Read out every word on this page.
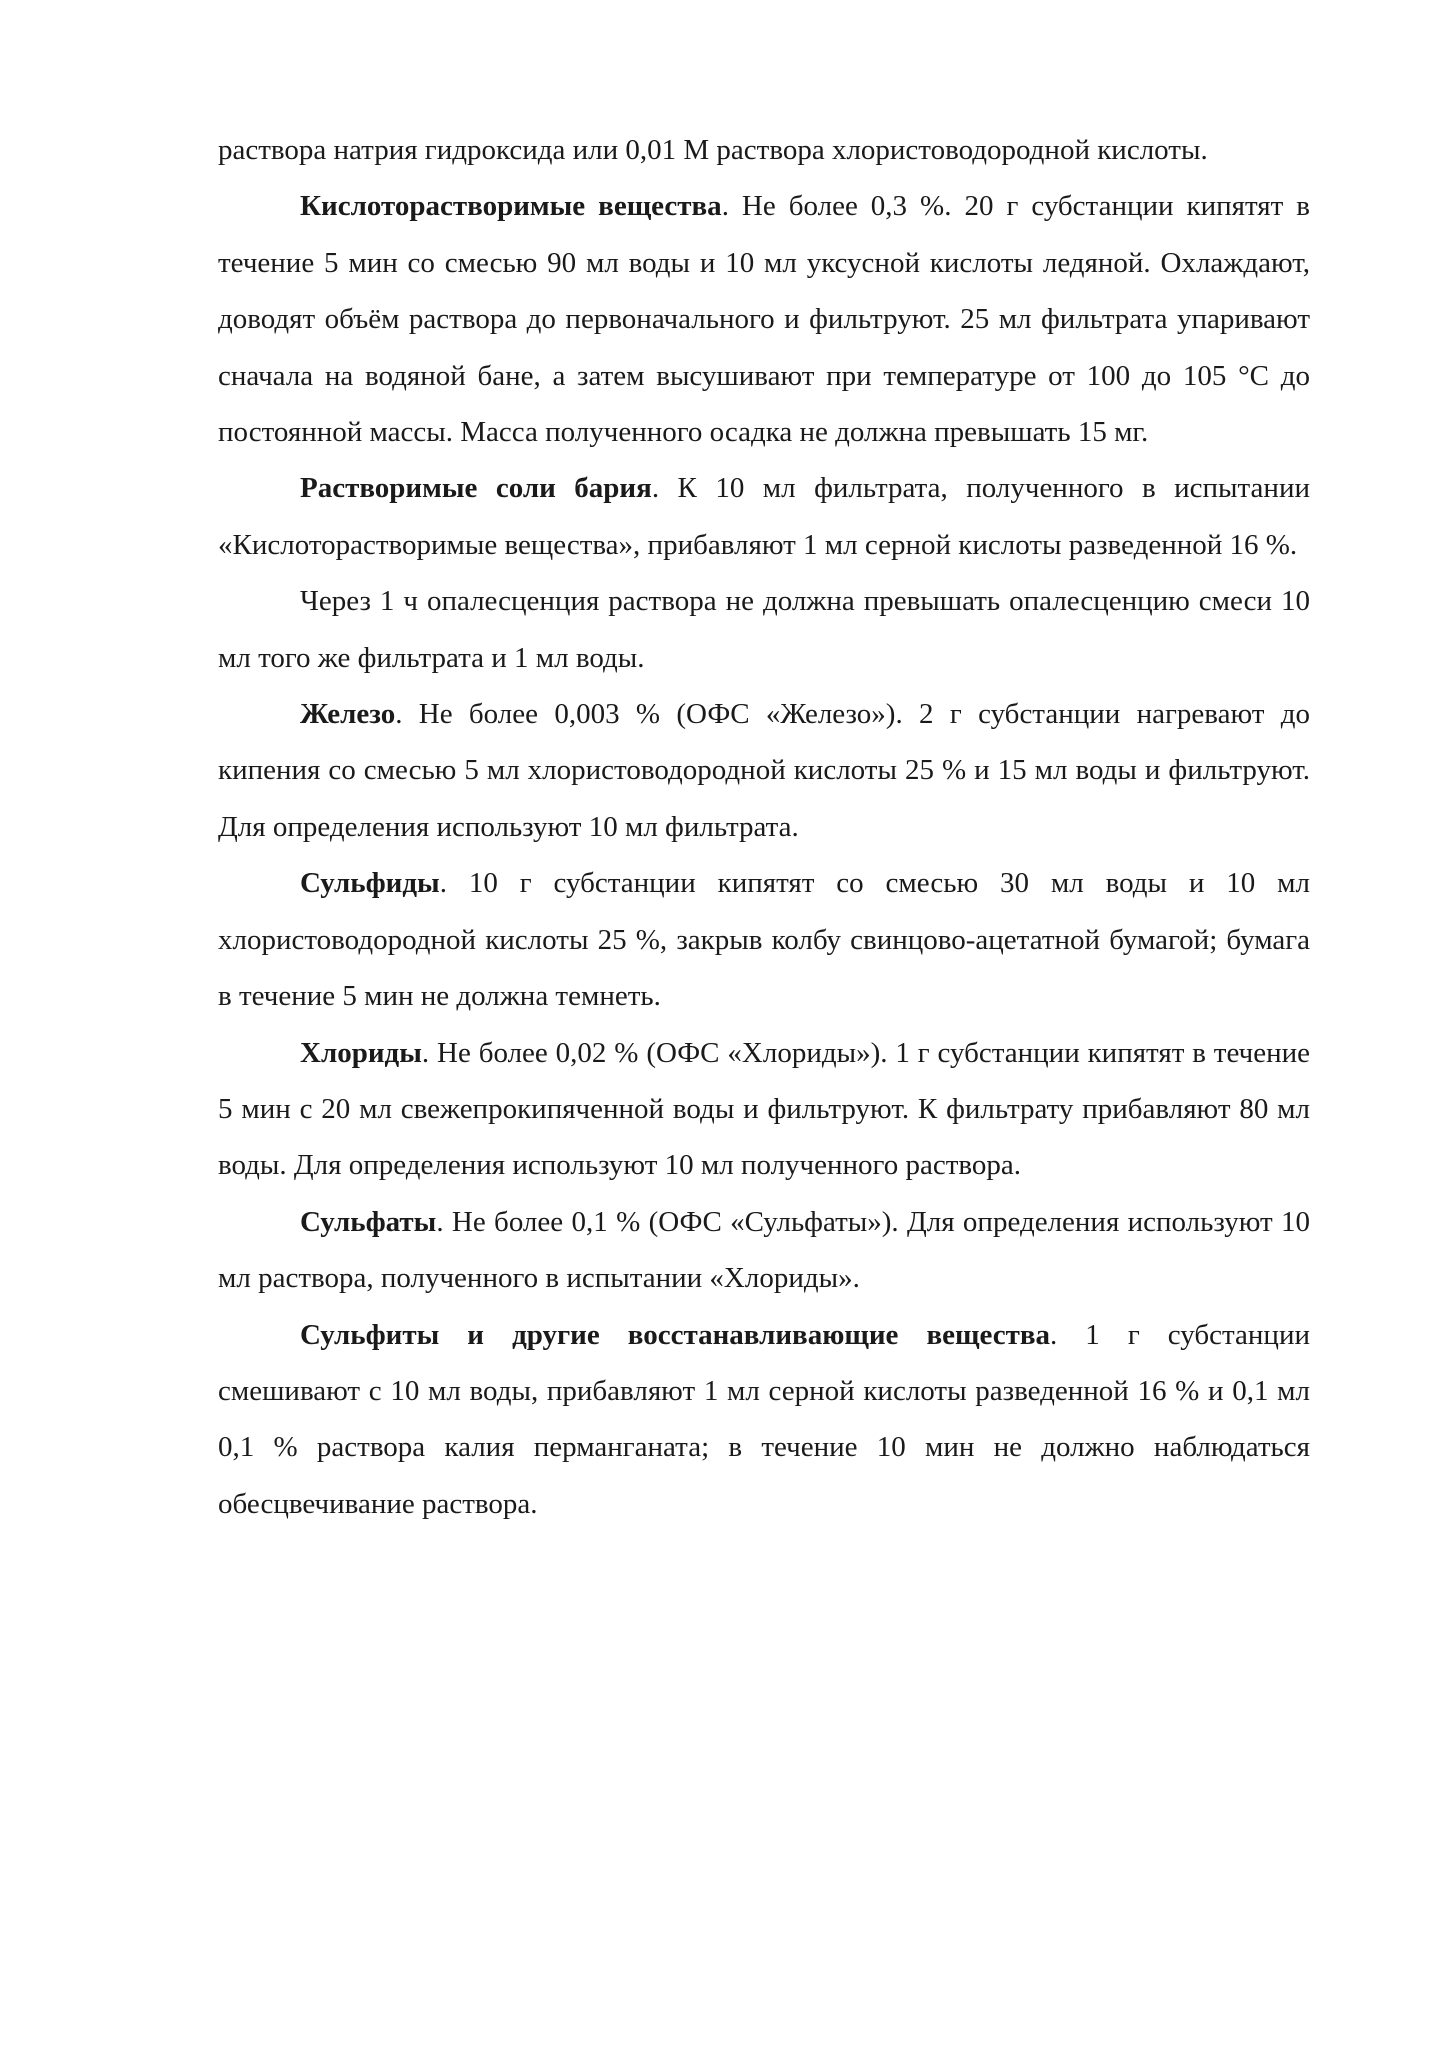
раствора натрия гидроксида или 0,01 М раствора хлористоводородной кислоты.

Кислоторастворимые вещества. Не более 0,3 %. 20 г субстанции кипятят в течение 5 мин со смесью 90 мл воды и 10 мл уксусной кислоты ледяной. Охлаждают, доводят объём раствора до первоначального и фильтруют. 25 мл фильтрата упаривают сначала на водяной бане, а затем высушивают при температуре от 100 до 105 °С до постоянной массы. Масса полученного осадка не должна превышать 15 мг.

Растворимые соли бария. К 10 мл фильтрата, полученного в испытании «Кислоторастворимые вещества», прибавляют 1 мл серной кислоты разведенной 16 %.

Через 1 ч опалесценция раствора не должна превышать опалесценцию смеси 10 мл того же фильтрата и 1 мл воды.

Железо. Не более 0,003 % (ОФС «Железо»). 2 г субстанции нагревают до кипения со смесью 5 мл хлористоводородной кислоты 25 % и 15 мл воды и фильтруют. Для определения используют 10 мл фильтрата.

Сульфиды. 10 г субстанции кипятят со смесью 30 мл воды и 10 мл хлористоводородной кислоты 25 %, закрыв колбу свинцово-ацетатной бумагой; бумага в течение 5 мин не должна темнеть.

Хлориды. Не более 0,02 % (ОФС «Хлориды»). 1 г субстанции кипятят в течение 5 мин с 20 мл свежепрокипяченной воды и фильтруют. К фильтрату прибавляют 80 мл воды. Для определения используют 10 мл полученного раствора.

Сульфаты. Не более 0,1 % (ОФС «Сульфаты»). Для определения используют 10 мл раствора, полученного в испытании «Хлориды».

Сульфиты и другие восстанавливающие вещества. 1 г субстанции смешивают с 10 мл воды, прибавляют 1 мл серной кислоты разведенной 16 % и 0,1 мл 0,1 % раствора калия перманганата; в течение 10 мин не должно наблюдаться обесцвечивание раствора.
